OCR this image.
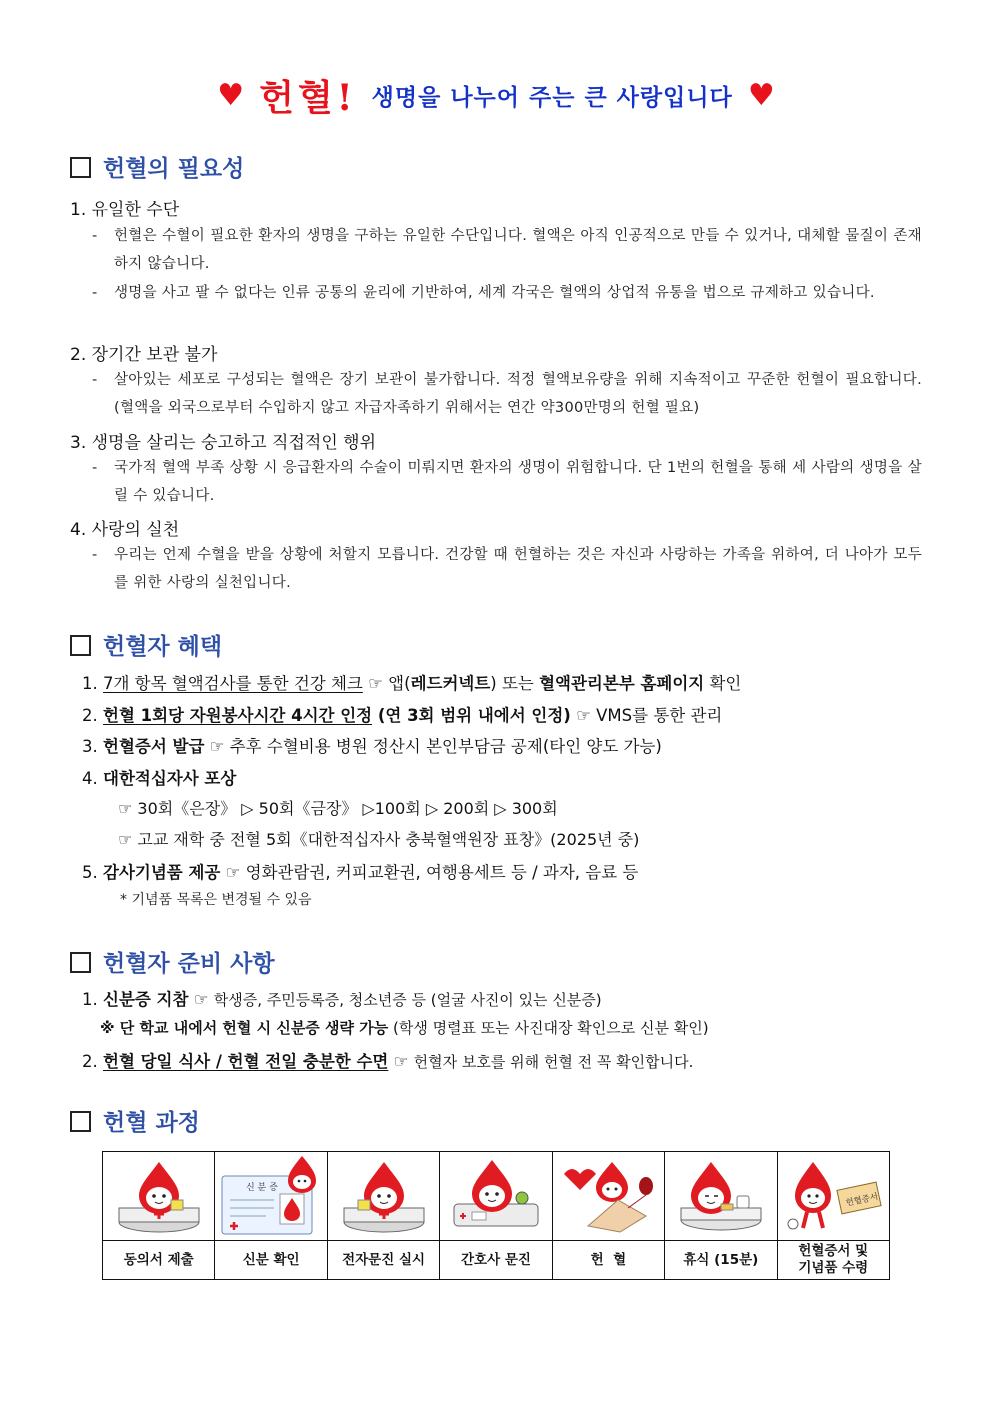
♥ 헌혈! 생명을 나누어 주는 큰 사랑입니다 ♥
헌혈의 필요성
1. 유일한 수단
-	헌혈은 수혈이 필요한 환자의 생명을 구하는 유일한 수단입니다. 혈액은 아직 인공적으로 만들 수 있거나, 대체할 물질이 존재하지 않습니다.
-	생명을 사고 팔 수 없다는 인류 공통의 윤리에 기반하여, 세계 각국은 혈액의 상업적 유통을 법으로 규제하고 있습니다.
2. 장기간 보관 불가
-	살아있는 세포로 구성되는 혈액은 장기 보관이 불가합니다. 적정 혈액보유량을 위해 지속적이고 꾸준한 헌혈이 필요합니다. (혈액을 외국으로부터 수입하지 않고 자급자족하기 위해서는 연간 약300만명의 헌혈 필요)
3. 생명을 살리는 숭고하고 직접적인 행위
-	국가적 혈액 부족 상황 시 응급환자의 수술이 미뤄지면 환자의 생명이 위험합니다. 단 1번의 헌혈을 통해 세 사람의 생명을 살릴 수 있습니다.
4. 사랑의 실천
-	우리는 언제 수혈을 받을 상황에 처할지 모릅니다. 건강할 때 헌혈하는 것은 자신과 사랑하는 가족을 위하여, 더 나아가 모두를 위한 사랑의 실천입니다.
헌혈자 혜택
1. 7개 항목 혈액검사를 통한 건강 체크 ☞ 앱(레드커넥트) 또는 혈액관리본부 홈페이지 확인
2. 헌혈 1회당 자원봉사시간 4시간 인정 (연 3회 범위 내에서 인정) ☞ VMS를 통한 관리
3. 헌혈증서 발급 ☞ 추후 수혈비용 병원 정산시 본인부담금 공제(타인 양도 가능)
4. 대한적십자사 포상
☞ 30회《은장》 ▷ 50회《금장》 ▷100회 ▷ 200회 ▷ 300회
☞ 고교 재학 중 전혈 5회《대한적십자사 충북혈액원장 표창》(2025년 중)
5. 감사기념품 제공 ☞ 영화관람권, 커피교환권, 여행용세트 등 / 과자, 음료 등
* 기념품 목록은 변경될 수 있음
헌혈자 준비 사항
1. 신분증 지참 ☞ 학생증, 주민등록증, 청소년증 등 (얼굴 사진이 있는 신분증)
※ 단 학교 내에서 헌혈 시 신분증 생략 가능 (학생 명렬표 또는 사진대장 확인으로 신분 확인)
2. 헌혈 당일 식사 / 헌혈 전일 충분한 수면 ☞ 헌혈자 보호를 위해 헌혈 전 꼭 확인합니다.
헌혈 과정

신 분 증					헌혈증서

동의서 제출	신분 확인	전자문진 실시	간호사 문진	헌  혈	휴식 (15분)	헌혈증서 및
기념품 수령
